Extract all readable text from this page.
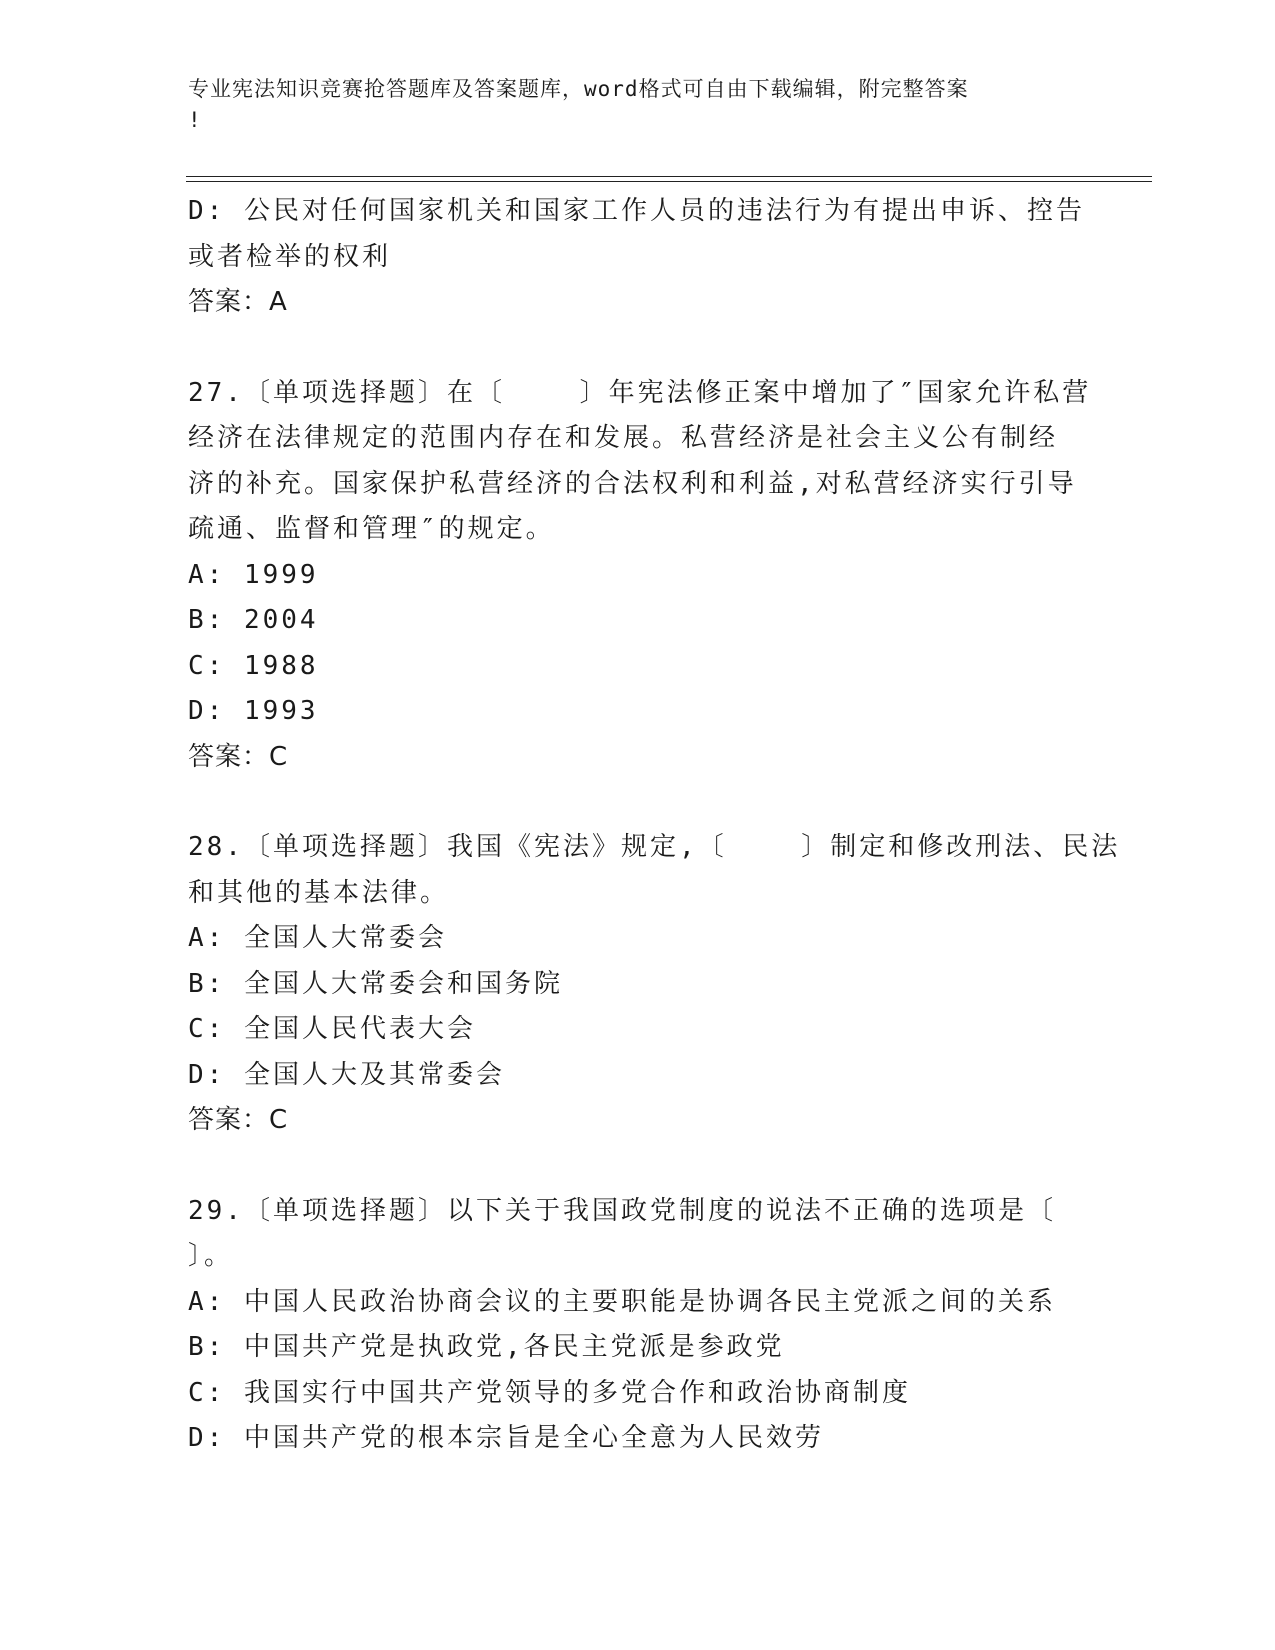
专业宪法知识竞赛抢答题库及答案题库，word格式可自由下载编辑，附完整答案
!

D: 公民对任何国家机关和国家工作人员的违法行为有提出申诉、控告

或者检举的权利

答案：A

27.〔单项选择题〕在〔    〕年宪法修正案中增加了″国家允许私营

经济在法律规定的范围内存在和发展。私营经济是社会主义公有制经

济的补充。国家保护私营经济的合法权利和利益,对私营经济实行引导

疏通、监督和管理″的规定。

A: 1999

B: 2004

C: 1988

D: 1993

答案：C

28.〔单项选择题〕我国《宪法》规定,〔    〕制定和修改刑法、民法

和其他的基本法律。

A: 全国人大常委会

B: 全国人大常委会和国务院

C: 全国人民代表大会

D: 全国人大及其常委会

答案：C

29.〔单项选择题〕以下关于我国政党制度的说法不正确的选项是〔

〕。

A: 中国人民政治协商会议的主要职能是协调各民主党派之间的关系

B: 中国共产党是执政党,各民主党派是参政党

C: 我国实行中国共产党领导的多党合作和政治协商制度

D: 中国共产党的根本宗旨是全心全意为人民效劳
